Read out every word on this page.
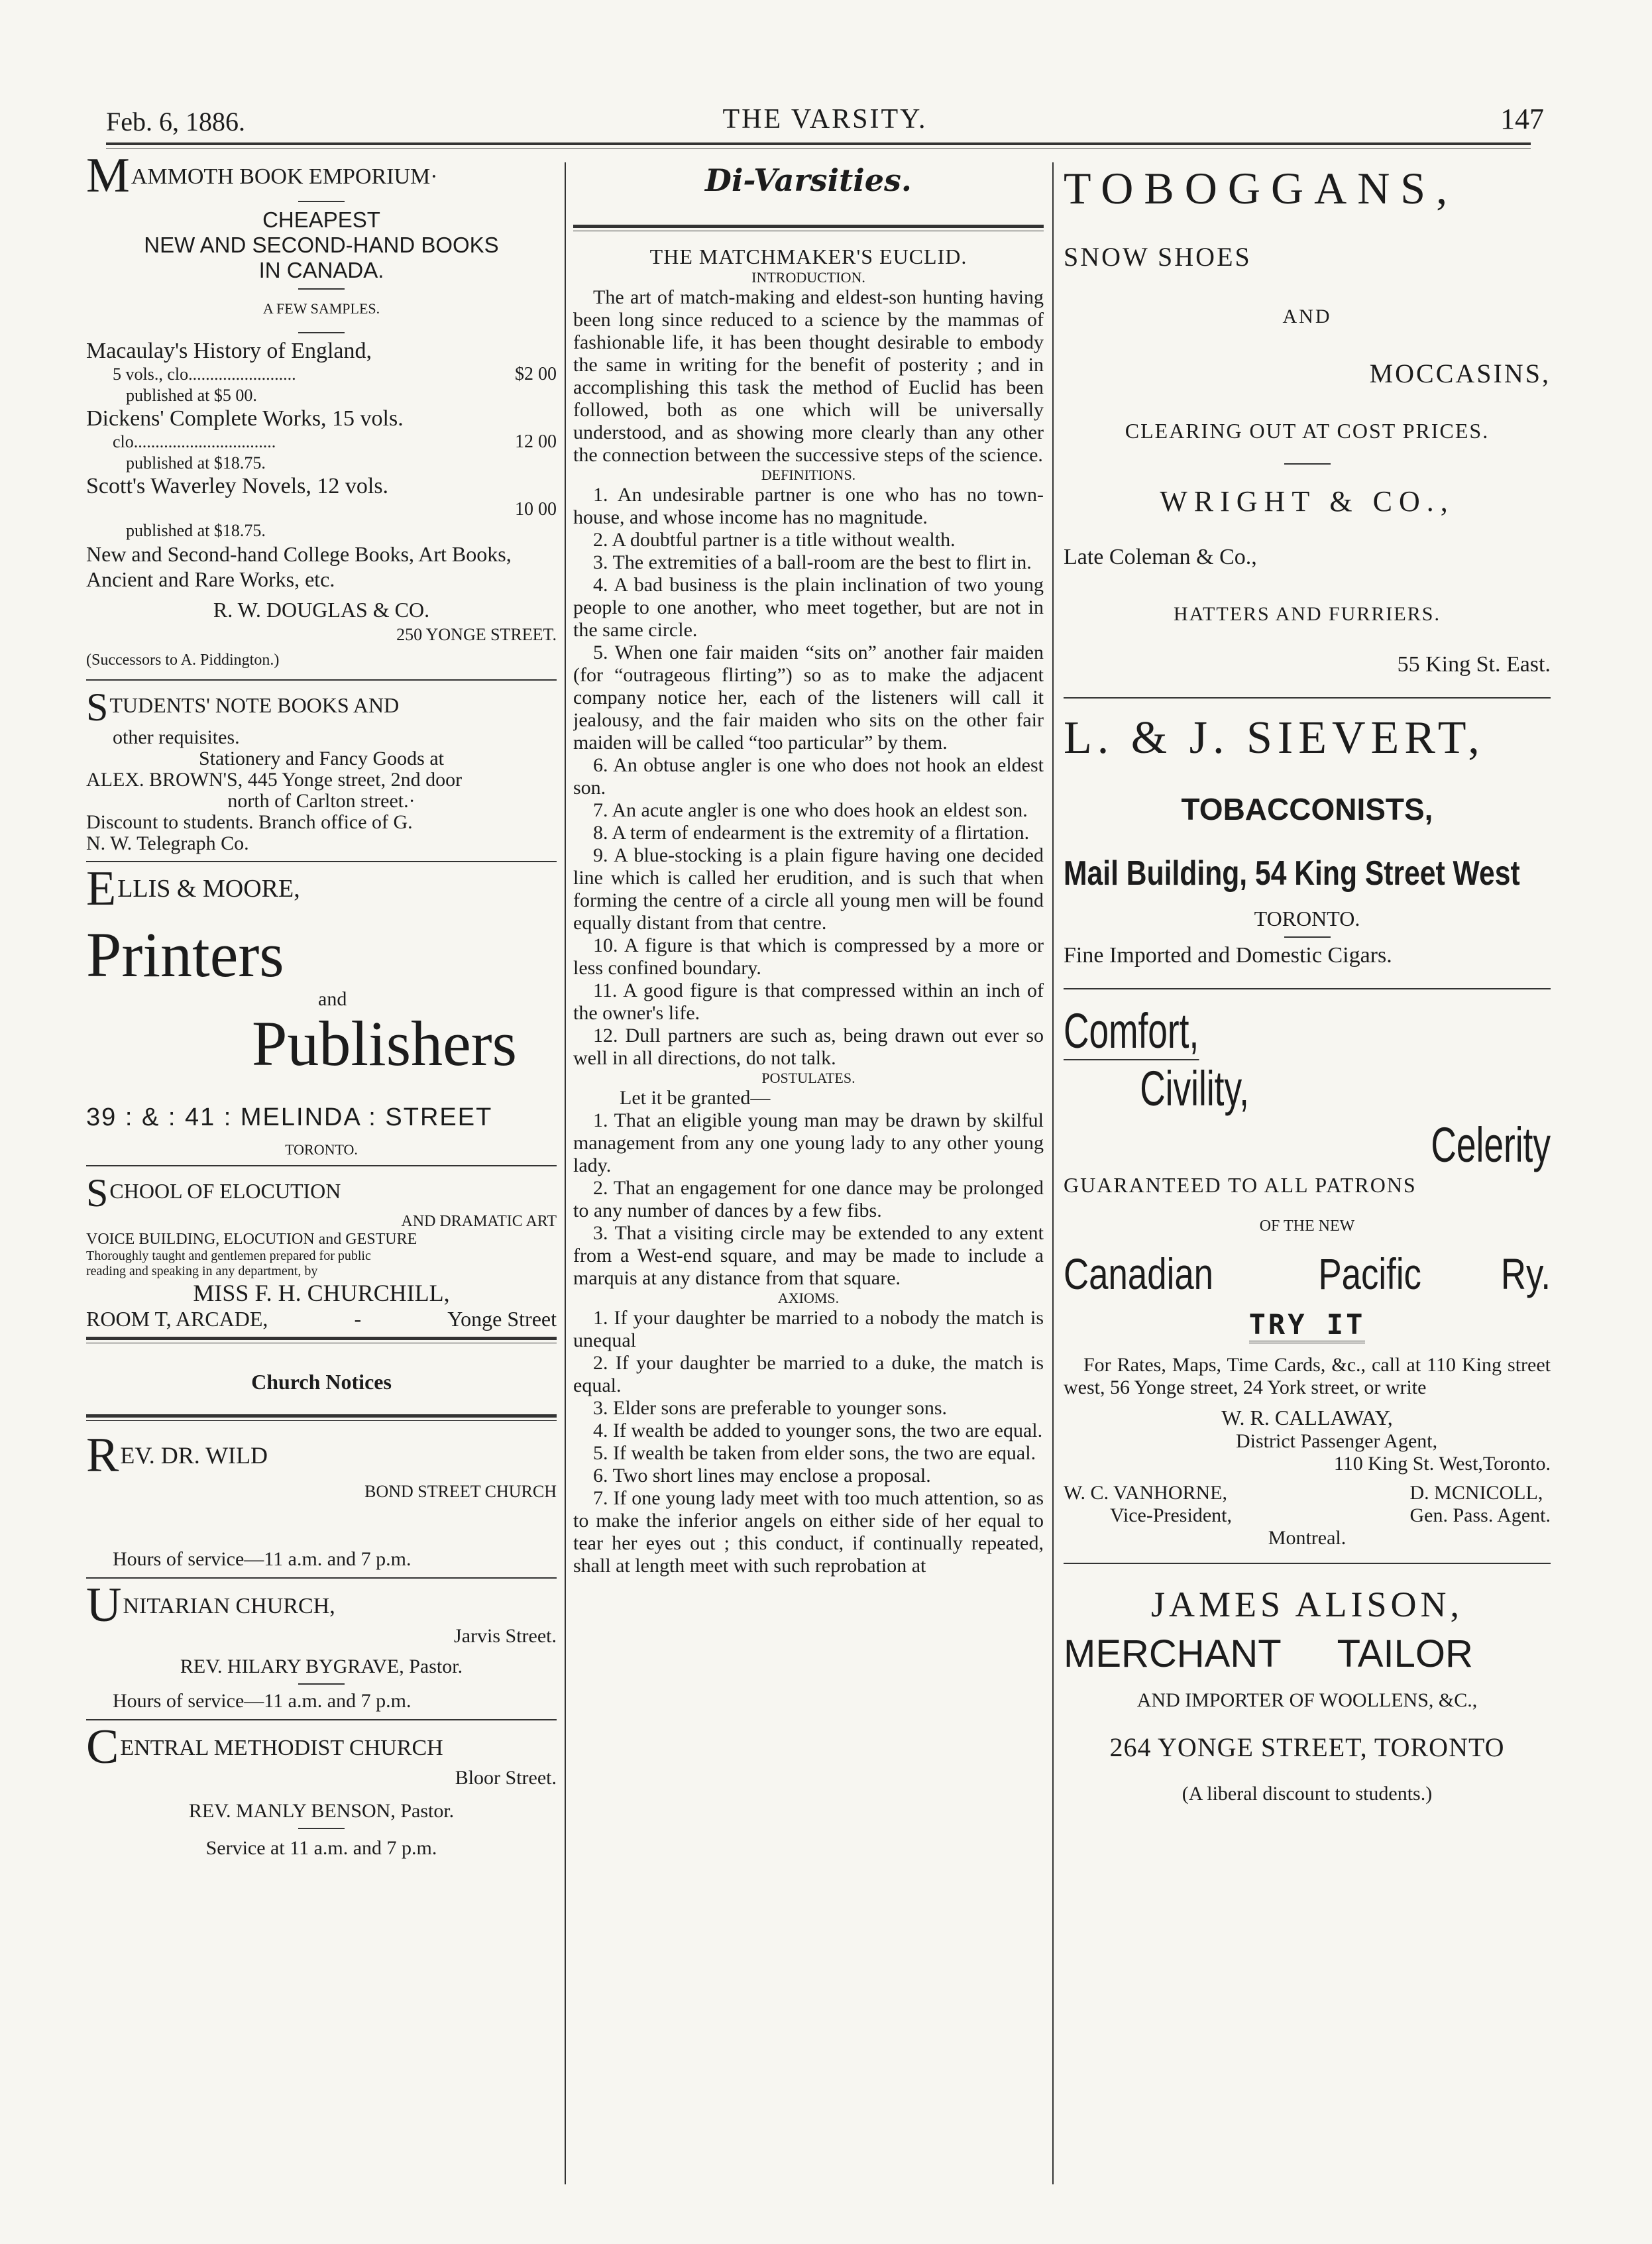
Feb. 6, 1886.	THE VARSITY.	147

MAMMOTH BOOK EMPORIUM·

CHEAPEST

NEW AND SECOND-HAND BOOKS

IN CANADA.

A FEW SAMPLES.

Macaulay's History of England,

5 vols., clo.........................	$2 00

published at $5 00.

Dickens' Complete Works, 15 vols.

clo.................................	12 00

published at $18.75.

Scott's Waverley Novels, 12 vols.

10 00

published at $18.75.

New and Second-hand College Books, Art Books, Ancient and Rare Works, etc.

R. W. DOUGLAS & CO.

250 YONGE STREET.

(Successors to A. Piddington.)

STUDENTS' NOTE BOOKS AND

other requisites.

Stationery and Fancy Goods at

ALEX. BROWN'S, 445 Yonge street, 2nd door

north of Carlton street.·

Discount to students. Branch office of G.

N. W. Telegraph Co.

ELLIS & MOORE,

Printers

and

Publishers

39 : & : 41 : MELINDA : STREET

TORONTO.

SCHOOL OF ELOCUTION

AND DRAMATIC ART

VOICE BUILDING, ELOCUTION and GESTURE

Thoroughly taught and gentlemen prepared for public

reading and speaking in any department, by

MISS F. H. CHURCHILL,

ROOM T, ARCADE,	-	Yonge Street

Church Notices

REV. DR. WILD

BOND STREET CHURCH

Hours of service—11 a.m. and 7 p.m.

UNITARIAN CHURCH,

Jarvis Street.

REV. HILARY BYGRAVE, Pastor.

Hours of service—11 a.m. and 7 p.m.

CENTRAL METHODIST CHURCH

Bloor Street.

REV. MANLY BENSON, Pastor.

Service at 11 a.m. and 7 p.m.

Di-Varsities.

THE MATCHMAKER'S EUCLID.

INTRODUCTION.

The art of match-making and eldest-son hunting having been long since reduced to a science by the mammas of fashionable life, it has been thought desirable to embody the same in writing for the benefit of posterity ; and in accomplishing this task the method of Euclid has been followed, both as one which will be universally understood, and as showing more clearly than any other the connection between the successive steps of the science.

DEFINITIONS.

1. An undesirable partner is one who has no town-house, and whose income has no magnitude.

2. A doubtful partner is a title without wealth.

3. The extremities of a ball-room are the best to flirt in.

4. A bad business is the plain inclination of two young people to one another, who meet together, but are not in the same circle.

5. When one fair maiden “sits on” another fair maiden (for “outrageous flirting”) so as to make the adjacent company notice her, each of the listeners will call it jealousy, and the fair maiden who sits on the other fair maiden will be called “too particular” by them.

6. An obtuse angler is one who does not hook an eldest son.

7. An acute angler is one who does hook an eldest son.

8. A term of endearment is the extremity of a flirtation.

9. A blue-stocking is a plain figure having one decided line which is called her erudition, and is such that when forming the centre of a circle all young men will be found equally distant from that centre.

10. A figure is that which is compressed by a more or less confined boundary.

11. A good figure is that compressed within an inch of the owner's life.

12. Dull partners are such as, being drawn out ever so well in all directions, do not talk.

POSTULATES.

Let it be granted—

1. That an eligible young man may be drawn by skilful management from any one young lady to any other young lady.

2. That an engagement for one dance may be prolonged to any number of dances by a few fibs.

3. That a visiting circle may be extended to any extent from a West-end square, and may be made to include a marquis at any distance from that square.

AXIOMS.

1. If your daughter be married to a nobody the match is unequal

2. If your daughter be married to a duke, the match is equal.

3. Elder sons are preferable to younger sons.

4. If wealth be added to younger sons, the two are equal.

5. If wealth be taken from elder sons, the two are equal.

6. Two short lines may enclose a proposal.

7. If one young lady meet with too much attention, so as to make the inferior angels on either side of her equal to tear her eyes out ; this conduct, if continually repeated, shall at length meet with such reprobation at

TOBOGGANS,

SNOW SHOES

AND

MOCCASINS,

CLEARING OUT AT COST PRICES.

WRIGHT & CO.,

Late Coleman & Co.,

HATTERS AND FURRIERS.

55 King St. East.

L. & J. SIEVERT,

TOBACCONISTS,

Mail Building, 54 King Street West

TORONTO.

Fine Imported and Domestic Cigars.

Comfort,

Civility,

Celerity

GUARANTEED TO ALL PATRONS

OF THE NEW

Canadian Pacific Ry.

TRY IT

For Rates, Maps, Time Cards, &c., call at 110 King street west, 56 Yonge street, 24 York street, or write

W. R. CALLAWAY,

District Passenger Agent,

110 King St. West,Toronto.

W. C. VANHORNE,

Vice-President,

D. MCNICOLL,

Gen. Pass. Agent.

Montreal.

JAMES ALISON,

MERCHANT TAILOR

AND IMPORTER OF WOOLLENS, &C.,

264 YONGE STREET, TORONTO

(A liberal discount to students.)
